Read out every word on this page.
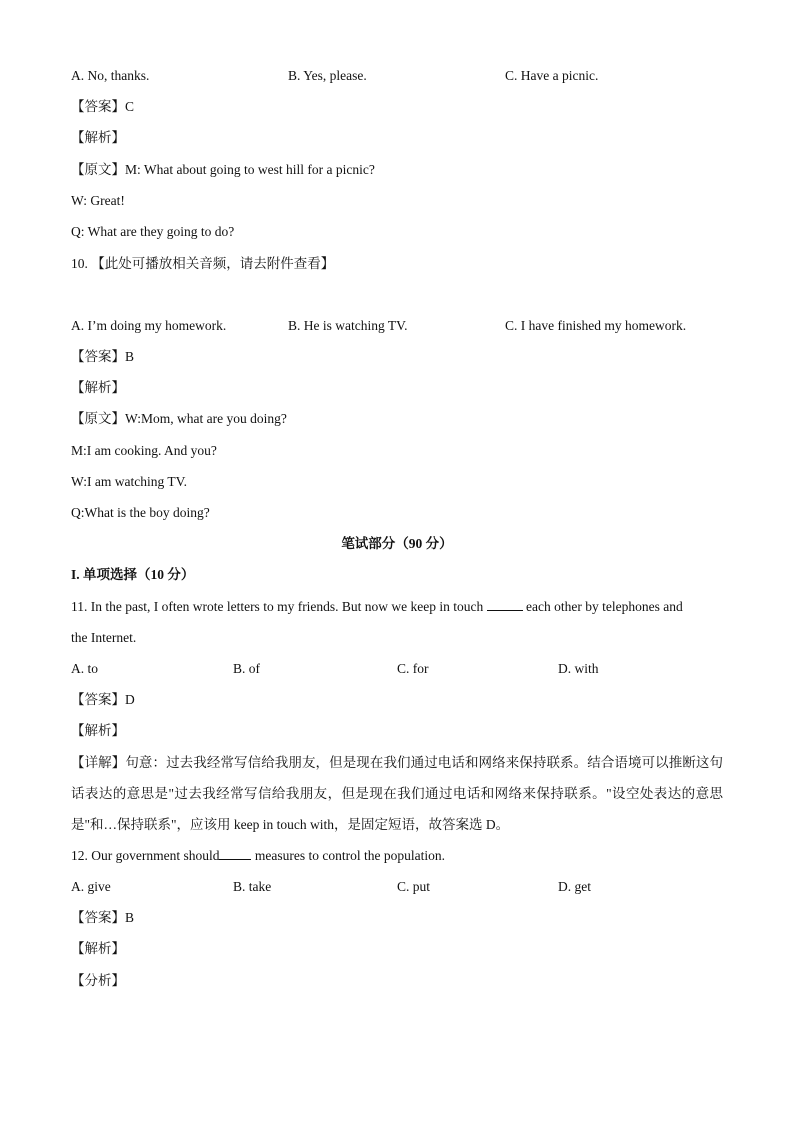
A. No, thanks.	B. Yes, please.	C. Have a picnic.
【答案】C
【解析】
【原文】M: What about going to west hill for a picnic?
W: Great!
Q: What are they going to do?
10. 【此处可播放相关音频，请去附件查看】
A. I’m doing my homework.	B. He is watching TV.	C. I have finished my homework.
【答案】B
【解析】
【原文】W:Mom, what are you doing?
M:I am cooking. And you?
W:I am watching TV.
Q:What is the boy doing?
笔试部分（90 分）
I. 单项选择（10 分）
11. In the past, I often wrote letters to my friends. But now we keep in touch	each other by telephones and
the Internet.
A. to	B. of	C. for	D. with
【答案】D
【解析】
【详解】句意：过去我经常写信给我朋友，但是现在我们通过电话和网络来保持联系。结合语境可以推断这句话表达的意思是"过去我经常写信给我朋友，但是现在我们通过电话和网络来保持联系。"设空处表达的意思是"和…保持联系"，应该用 keep in touch with，是固定短语，故答案选 D。
12. Our government should	measures to control the population.
A. give	B. take	C. put	D. get
【答案】B
【解析】
【分析】
